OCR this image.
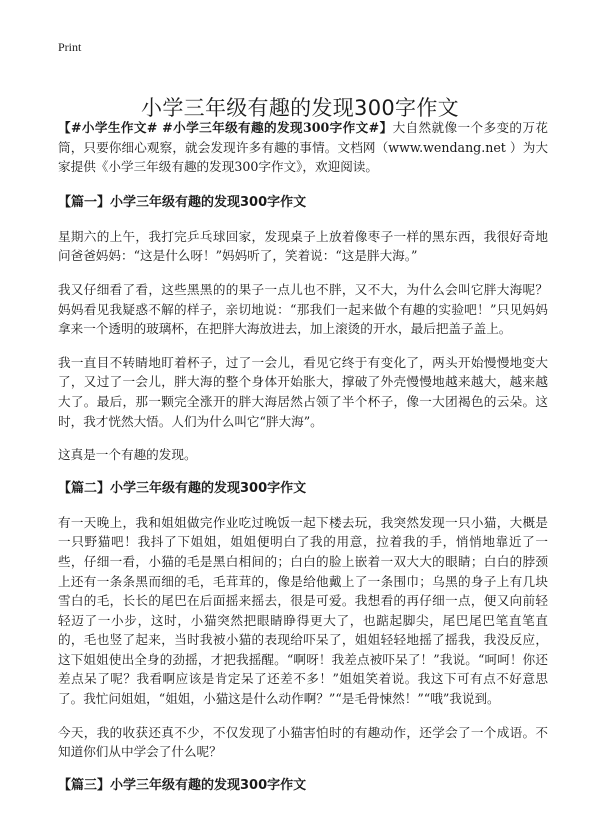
Print
小学三年级有趣的发现300字作文

【#小学生作文# #小学三年级有趣的发现300字作文#】大自然就像一个多变的万花筒，只要你细心观察，就会发现许多有趣的事情。文档网（www.wendang.net ）为大家提供《小学三年级有趣的发现300字作文》，欢迎阅读。

【篇一】小学三年级有趣的发现300字作文

星期六的上午，我打完乒乓球回家，发现桌子上放着像枣子一样的黑东西，我很好奇地问爸爸妈妈：“这是什么呀！”妈妈听了，笑着说：“这是胖大海。”

我又仔细看了看，这些黑黑的的果子一点儿也不胖，又不大，为什么会叫它胖大海呢？妈妈看见我疑惑不解的样子，亲切地说：“那我们一起来做个有趣的实验吧！”只见妈妈拿来一个透明的玻璃杯，在把胖大海放进去，加上滚烫的开水，最后把盖子盖上。

我一直目不转睛地盯着杯子，过了一会儿，看见它终于有变化了，两头开始慢慢地变大了，又过了一会儿，胖大海的整个身体开始胀大，撑破了外壳慢慢地越来越大，越来越大了。最后，那一颗完全涨开的胖大海居然占领了半个杯子，像一大团褐色的云朵。这时，我才恍然大悟。人们为什么叫它“胖大海”。

这真是一个有趣的发现。

【篇二】小学三年级有趣的发现300字作文

有一天晚上，我和姐姐做完作业吃过晚饭一起下楼去玩，我突然发现一只小猫，大概是一只野猫吧！我抖了下姐姐，姐姐便明白了我的用意，拉着我的手，悄悄地靠近了一些，仔细一看，小猫的毛是黑白相间的；白白的脸上嵌着一双大大的眼睛；白白的脖颈上还有一条条黑而细的毛，毛茸茸的，像是给他戴上了一条围巾；乌黑的身子上有几块雪白的毛，长长的尾巴在后面摇来摇去，很是可爱。我想看的再仔细一点，便又向前轻轻迈了一小步，这时，小猫突然把眼睛睁得更大了，也踮起脚尖，尾巴尾巴笔直笔直的，毛也竖了起来，当时我被小猫的表现给吓呆了，姐姐轻轻地摇了摇我，我没反应，这下姐姐使出全身的劲摇，才把我摇醒。“啊呀！我差点被吓呆了！”我说。“呵呵！你还差点呆了呢？我看啊应该是肯定呆了还差不多！”姐姐笑着说。我这下可有点不好意思了。我忙问姐姐，“姐姐，小猫这是什么动作啊？”“是毛骨悚然！”“哦”我说到。

今天，我的收获还真不少，不仅发现了小猫害怕时的有趣动作，还学会了一个成语。不知道你们从中学会了什么呢？

【篇三】小学三年级有趣的发现300字作文
